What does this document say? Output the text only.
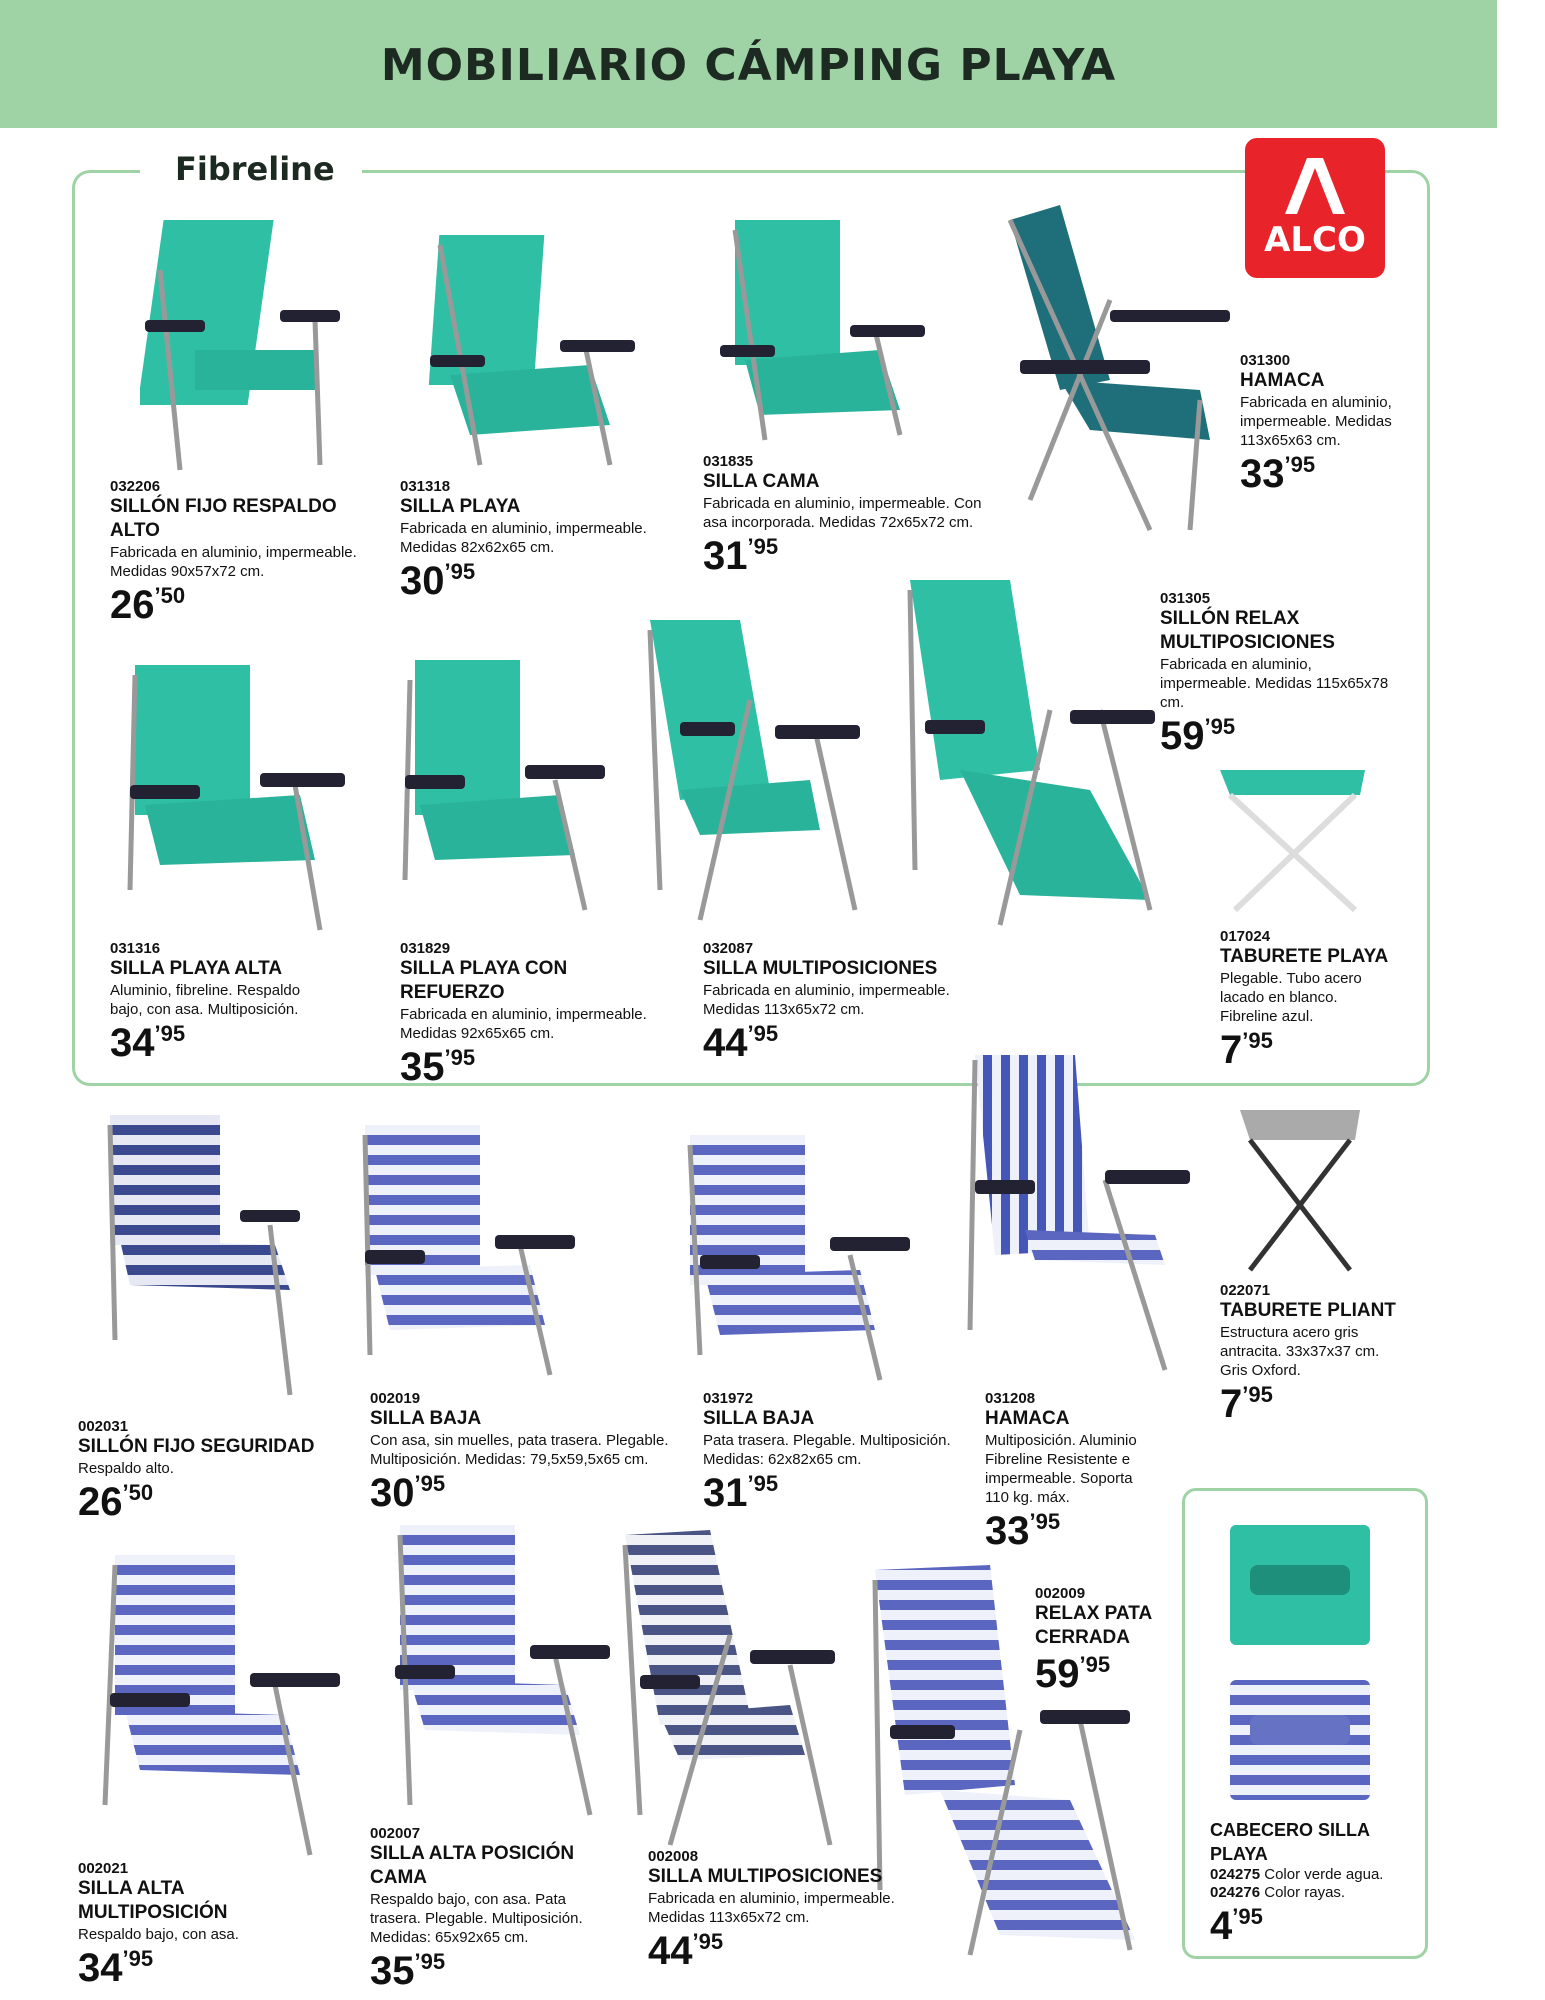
MOBILIARIO CÁMPING PLAYA
Fibreline
ALCO
032206
SILLÓN FIJO RESPALDO ALTO
Fabricada en aluminio, impermeable. Medidas 90x57x72 cm.
$26^{’50}$
031318
SILLA PLAYA
Fabricada en aluminio, impermeable. Medidas 82x62x65 cm.
$30^{’95}$
031835
SILLA CAMA
Fabricada en aluminio, impermeable. Con asa incorporada. Medidas 72x65x72 cm.
$31^{’95}$
031300
HAMACA
Fabricada en aluminio, impermeable. Medidas 113x65x63 cm.
$33^{’95}$
031305
SILLÓN RELAX MULTIPOSICIONES
Fabricada en aluminio, impermeable. Medidas 115x65x78 cm.
$59^{’95}$
031316
SILLA PLAYA ALTA
Aluminio, fibreline. Respaldo bajo, con asa. Multiposición.
$34^{’95}$
031829
SILLA PLAYA CON REFUERZO
Fabricada en aluminio, impermeable. Medidas 92x65x65 cm.
$35^{’95}$
032087
SILLA MULTIPOSICIONES
Fabricada en aluminio, impermeable. Medidas 113x65x72 cm.
$44^{’95}$
017024
TABURETE PLAYA
Plegable. Tubo acero lacado en blanco. Fibreline azul.
$7^{’95}$
002031
SILLÓN FIJO SEGURIDAD
Respaldo alto.
$26^{’50}$
002019
SILLA BAJA
Con asa, sin muelles, pata trasera. Plegable. Multiposición. Medidas: 79,5x59,5x65 cm.
$30^{’95}$
031972
SILLA BAJA
Pata trasera. Plegable. Multiposición. Medidas: 62x82x65 cm.
$31^{’95}$
031208
HAMACA
Multiposición. Aluminio Fibreline Resistente e impermeable. Soporta 110 kg. máx.
$33^{’95}$
022071
TABURETE PLIANT
Estructura acero gris antracita. 33x37x37 cm. Gris Oxford.
$7^{’95}$
002021
SILLA ALTA MULTIPOSICIÓN
Respaldo bajo, con asa.
$34^{’95}$
002007
SILLA ALTA POSICIÓN CAMA
Respaldo bajo, con asa. Pata trasera. Plegable. Multiposición. Medidas: 65x92x65 cm.
$35^{’95}$
002008
SILLA MULTIPOSICIONES
Fabricada en aluminio, impermeable. Medidas 113x65x72 cm.
$44^{’95}$
002009
RELAX PATA CERRADA
$59^{’95}$
CABECERO SILLA PLAYA
024275 Color verde agua.
024276 Color rayas.
$4^{’95}$
